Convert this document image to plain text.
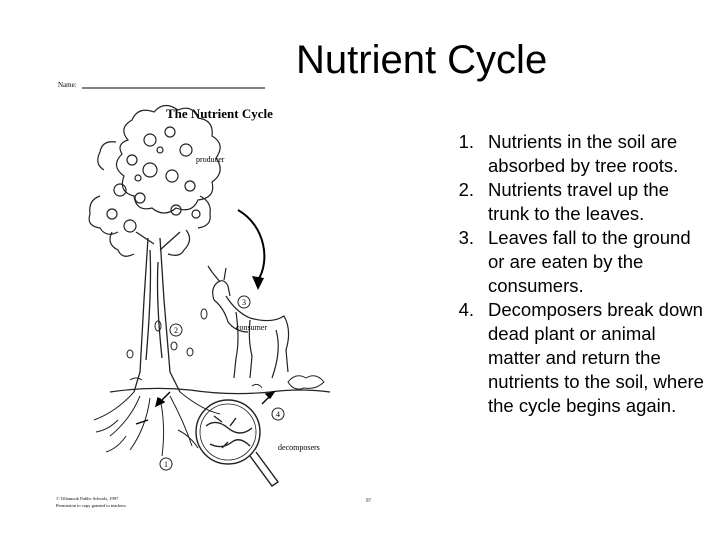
Nutrient Cycle
Name:
The Nutrient Cycle
producer
consumer
decomposers
1
2
3
4
© Tillamook Public Schools, 1997
Permission to copy granted to teachers.
97
1. Nutrients in the soil are absorbed by tree roots.
2. Nutrients travel up the trunk to the leaves.
3. Leaves fall to the ground or are eaten by the consumers.
4. Decomposers break down dead plant or animal matter and return the nutrients to the soil, where the cycle begins again.
